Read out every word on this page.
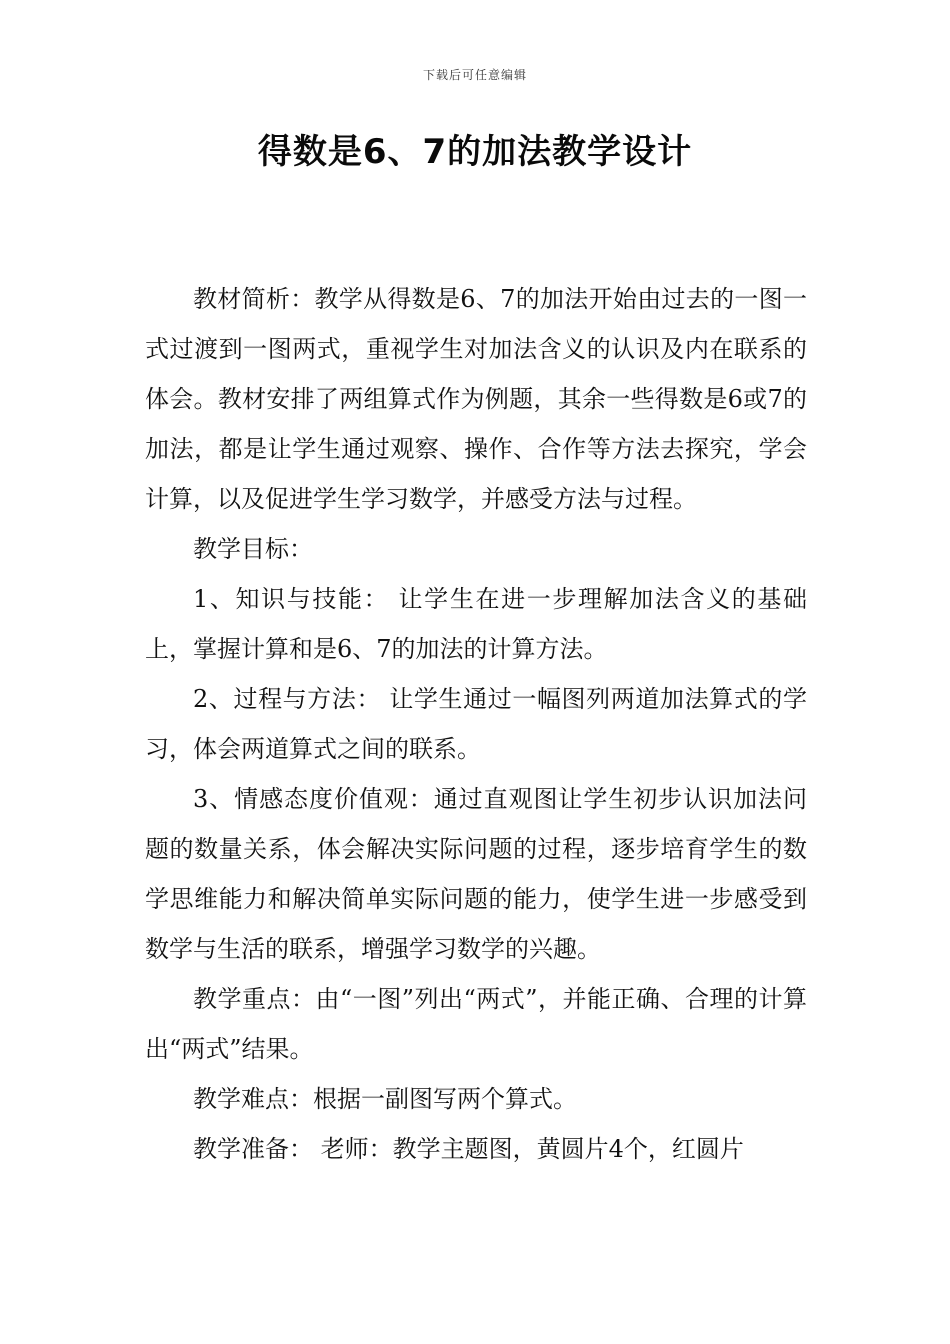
下载后可任意编辑
得数是6、7的加法教学设计

教材简析：教学从得数是6、7的加法开始由过去的一图一式过渡到一图两式，重视学生对加法含义的认识及内在联系的体会。教材安排了两组算式作为例题，其余一些得数是6或7的加法，都是让学生通过观察、操作、合作等方法去探究，学会计算，以及促进学生学习数学，并感受方法与过程。

教学目标：

1、知识与技能： 让学生在进一步理解加法含义的基础上，掌握计算和是6、7的加法的计算方法。

2、过程与方法： 让学生通过一幅图列两道加法算式的学习，体会两道算式之间的联系。

3、情感态度价值观：通过直观图让学生初步认识加法问题的数量关系，体会解决实际问题的过程，逐步培育学生的数学思维能力和解决简单实际问题的能力，使学生进一步感受到数学与生活的联系，增强学习数学的兴趣。

教学重点：由“一图”列出“两式”，并能正确、合理的计算出“两式”结果。

教学难点：根据一副图写两个算式。

教学准备： 老师：教学主题图，黄圆片4个，红圆片
